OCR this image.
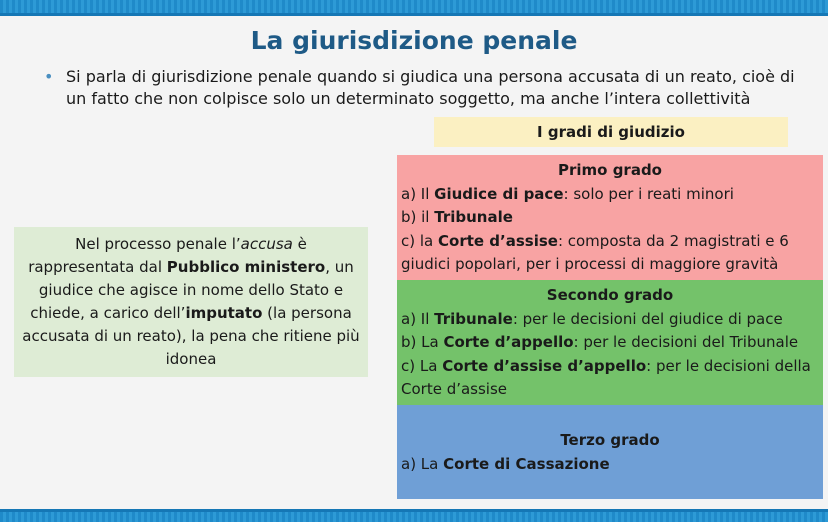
La giurisdizione penale
• Si parla di giurisdizione penale quando si giudica una persona accusata di un reato, cioè di un fatto che non colpisce solo un determinato soggetto, ma anche l’intera collettività
I gradi di giudizio

Nel processo penale l’accusa è rappresentata dal Pubblico ministero, un giudice che agisce in nome dello Stato e chiede, a carico dell’imputato (la persona accusata di un reato), la pena che ritiene più idonea

Primo grado
a) Il Giudice di pace: solo per i reati minori
b) il Tribunale
c) la Corte d’assise: composta da 2 magistrati e 6 giudici popolari, per i processi di maggiore gravità
Secondo grado
a) Il Tribunale: per le decisioni del giudice di pace
b) La Corte d’appello: per le decisioni del Tribunale
c) La Corte d’assise d’appello: per le decisioni della Corte d’assise
Terzo grado
a) La Corte di Cassazione
